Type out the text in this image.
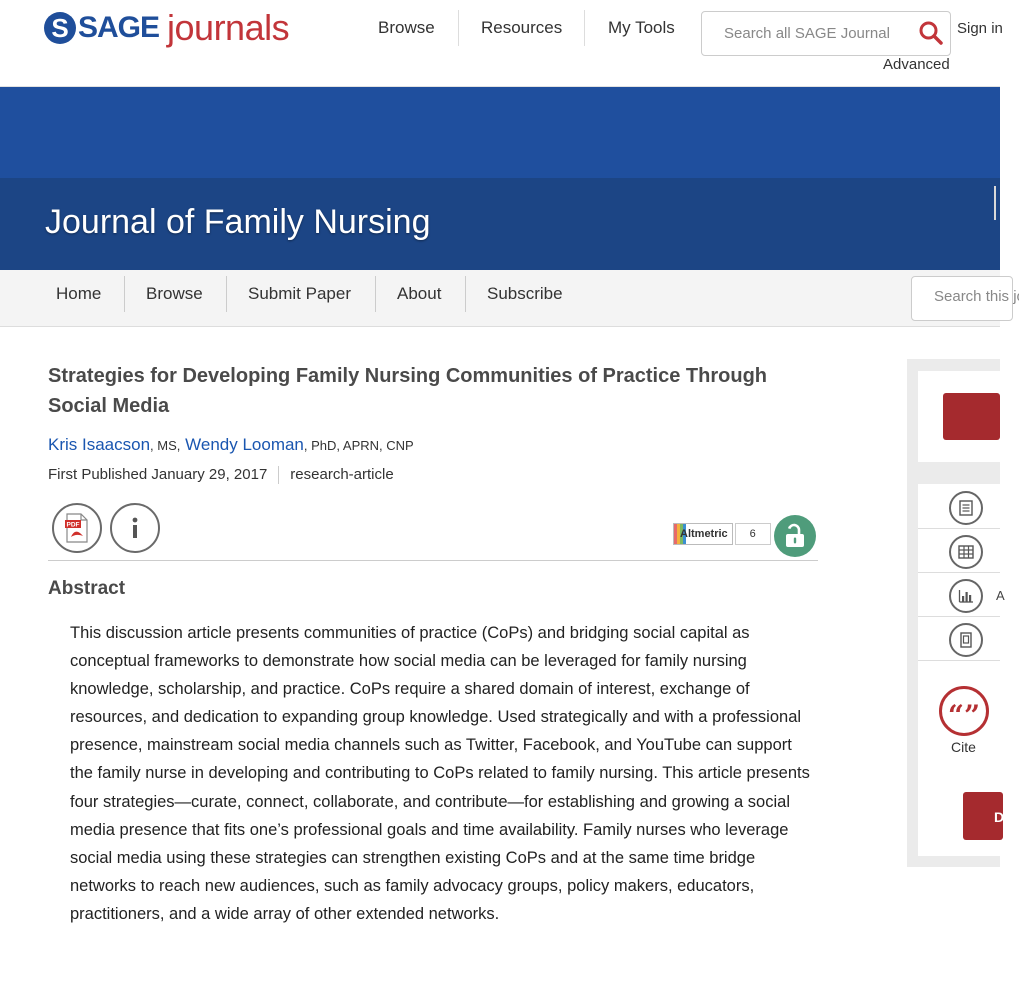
S SAGE journals	Browse	Resources	My Tools
Search all SAGE Journal	Sign in
Advanced
Journal of Family Nursing
Home	Browse	Submit Paper	About	Subscribe
Search this journal
Strategies for Developing Family Nursing Communities of Practice Through Social Media
Kris Isaacson, MS, Wendy Looman, PhD, APRN, CNP
First Published January 29, 2017 research-article
PDF
Altmetric	6
Abstract
This discussion article presents communities of practice (CoPs) and bridging social capital as conceptual frameworks to demonstrate how social media can be leveraged for family nursing knowledge, scholarship, and practice. CoPs require a shared domain of interest, exchange of resources, and dedication to expanding group knowledge. Used strategically and with a professional presence, mainstream social media channels such as Twitter, Facebook, and YouTube can support the family nurse in developing and contributing to CoPs related to family nursing. This article presents four strategies—curate, connect, collaborate, and contribute—for establishing and growing a social media presence that fits one’s professional goals and time availability. Family nurses who leverage social media using these strategies can strengthen existing CoPs and at the same time bridge networks to reach new audiences, such as family advocacy groups, policy makers, educators, practitioners, and a wide array of other extended networks.
A
“”
Cite
D
